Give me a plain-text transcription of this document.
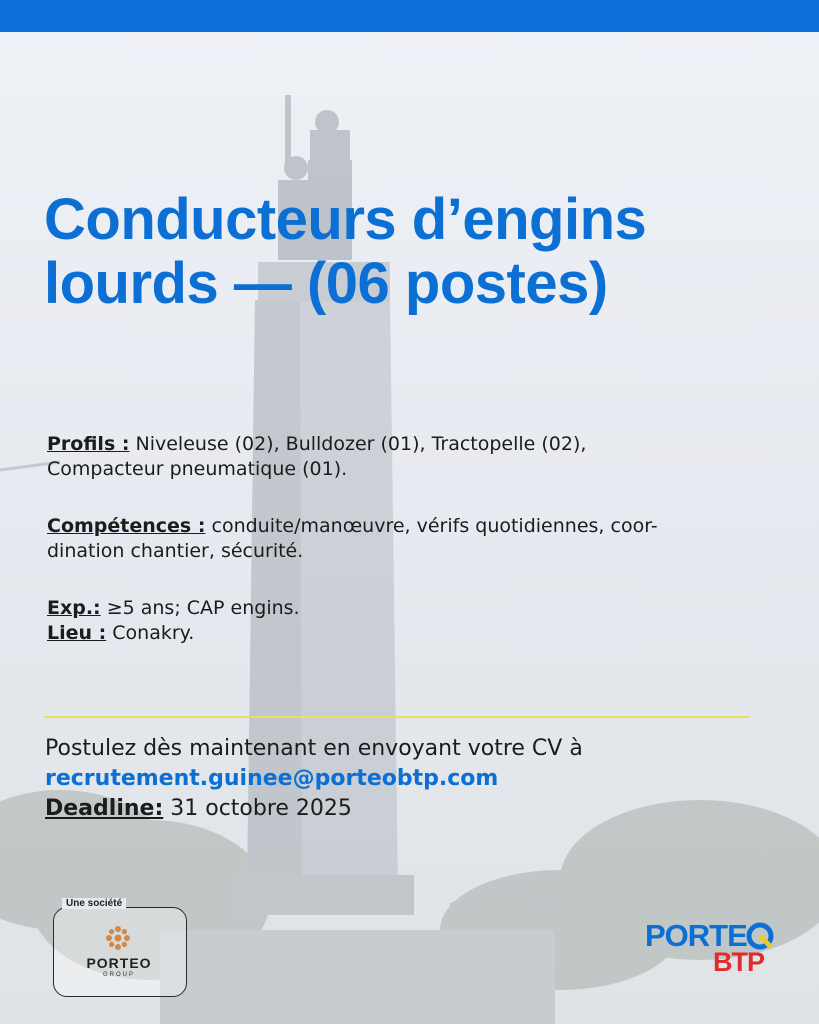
Conducteurs d’engins
lourds — (06 postes)

Profils : Niveleuse (02), Bulldozer (01), Tractopelle (02),
Compacteur pneumatique (01).

Compétences : conduite/manœuvre, vérifs quotidiennes, coor-
dination chantier, sécurité.

Exp.: ≥5 ans; CAP engins.

Lieu : Conakry.

Postulez dès maintenant en envoyant votre CV à
recrutement.guinee@porteobtp.com
Deadline: 31 octobre 2025
Une société
PORTEO
GROUP
PORTE
BTP
